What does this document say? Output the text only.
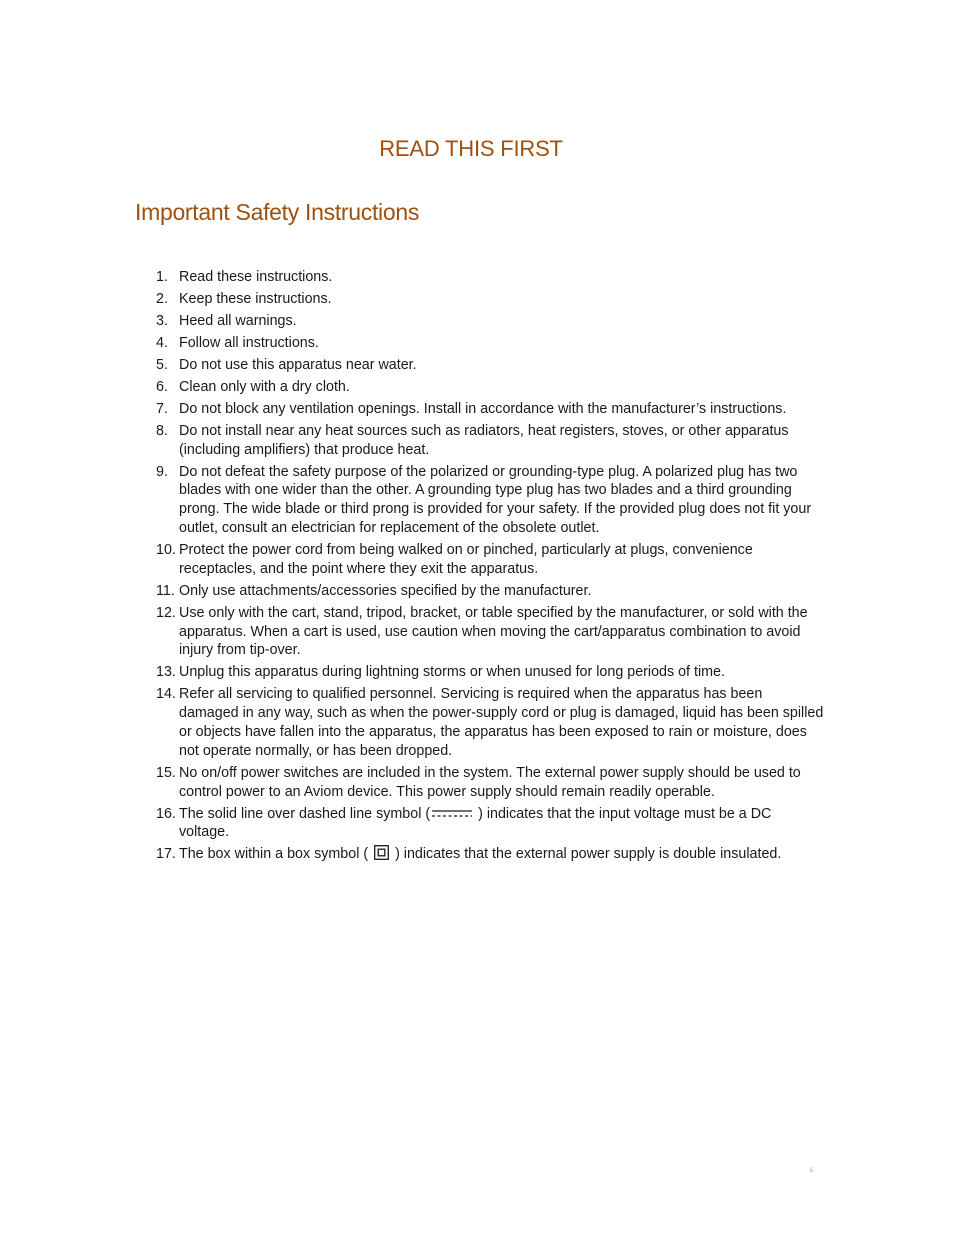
READ THIS FIRST
Important Safety Instructions
1. Read these instructions.
2. Keep these instructions.
3. Heed all warnings.
4. Follow all instructions.
5. Do not use this apparatus near water.
6. Clean only with a dry cloth.
7. Do not block any ventilation openings. Install in accordance with the manufacturer’s instructions.
8. Do not install near any heat sources such as radiators, heat registers, stoves, or other apparatus (including amplifiers) that produce heat.
9. Do not defeat the safety purpose of the polarized or grounding-type plug. A polarized plug has two blades with one wider than the other. A grounding type plug has two blades and a third grounding prong. The wide blade or third prong is provided for your safety. If the provided plug does not fit your outlet, consult an electrician for replacement of the obsolete outlet.
10. Protect the power cord from being walked on or pinched, particularly at plugs, convenience receptacles, and the point where they exit the apparatus.
11. Only use attachments/accessories specified by the manufacturer.
12. Use only with the cart, stand, tripod, bracket, or table specified by the manufacturer, or sold with the apparatus. When a cart is used, use caution when moving the cart/apparatus combination to avoid injury from tip-over.
13. Unplug this apparatus during lightning storms or when unused for long periods of time.
14. Refer all servicing to qualified personnel. Servicing is required when the apparatus has been damaged in any way, such as when the power-supply cord or plug is damaged, liquid has been spilled or objects have fallen into the apparatus, the apparatus has been exposed to rain or moisture, does not operate normally, or has been dropped.
15. No on/off power switches are included in the system. The external power supply should be used to control power to an Aviom device. This power supply should remain readily operable.
16. The solid line over dashed line symbol (	) indicates that the input voltage must be a DC voltage.
17. The box within a box symbol (  ) indicates that the external power supply is double insulated.
ii
